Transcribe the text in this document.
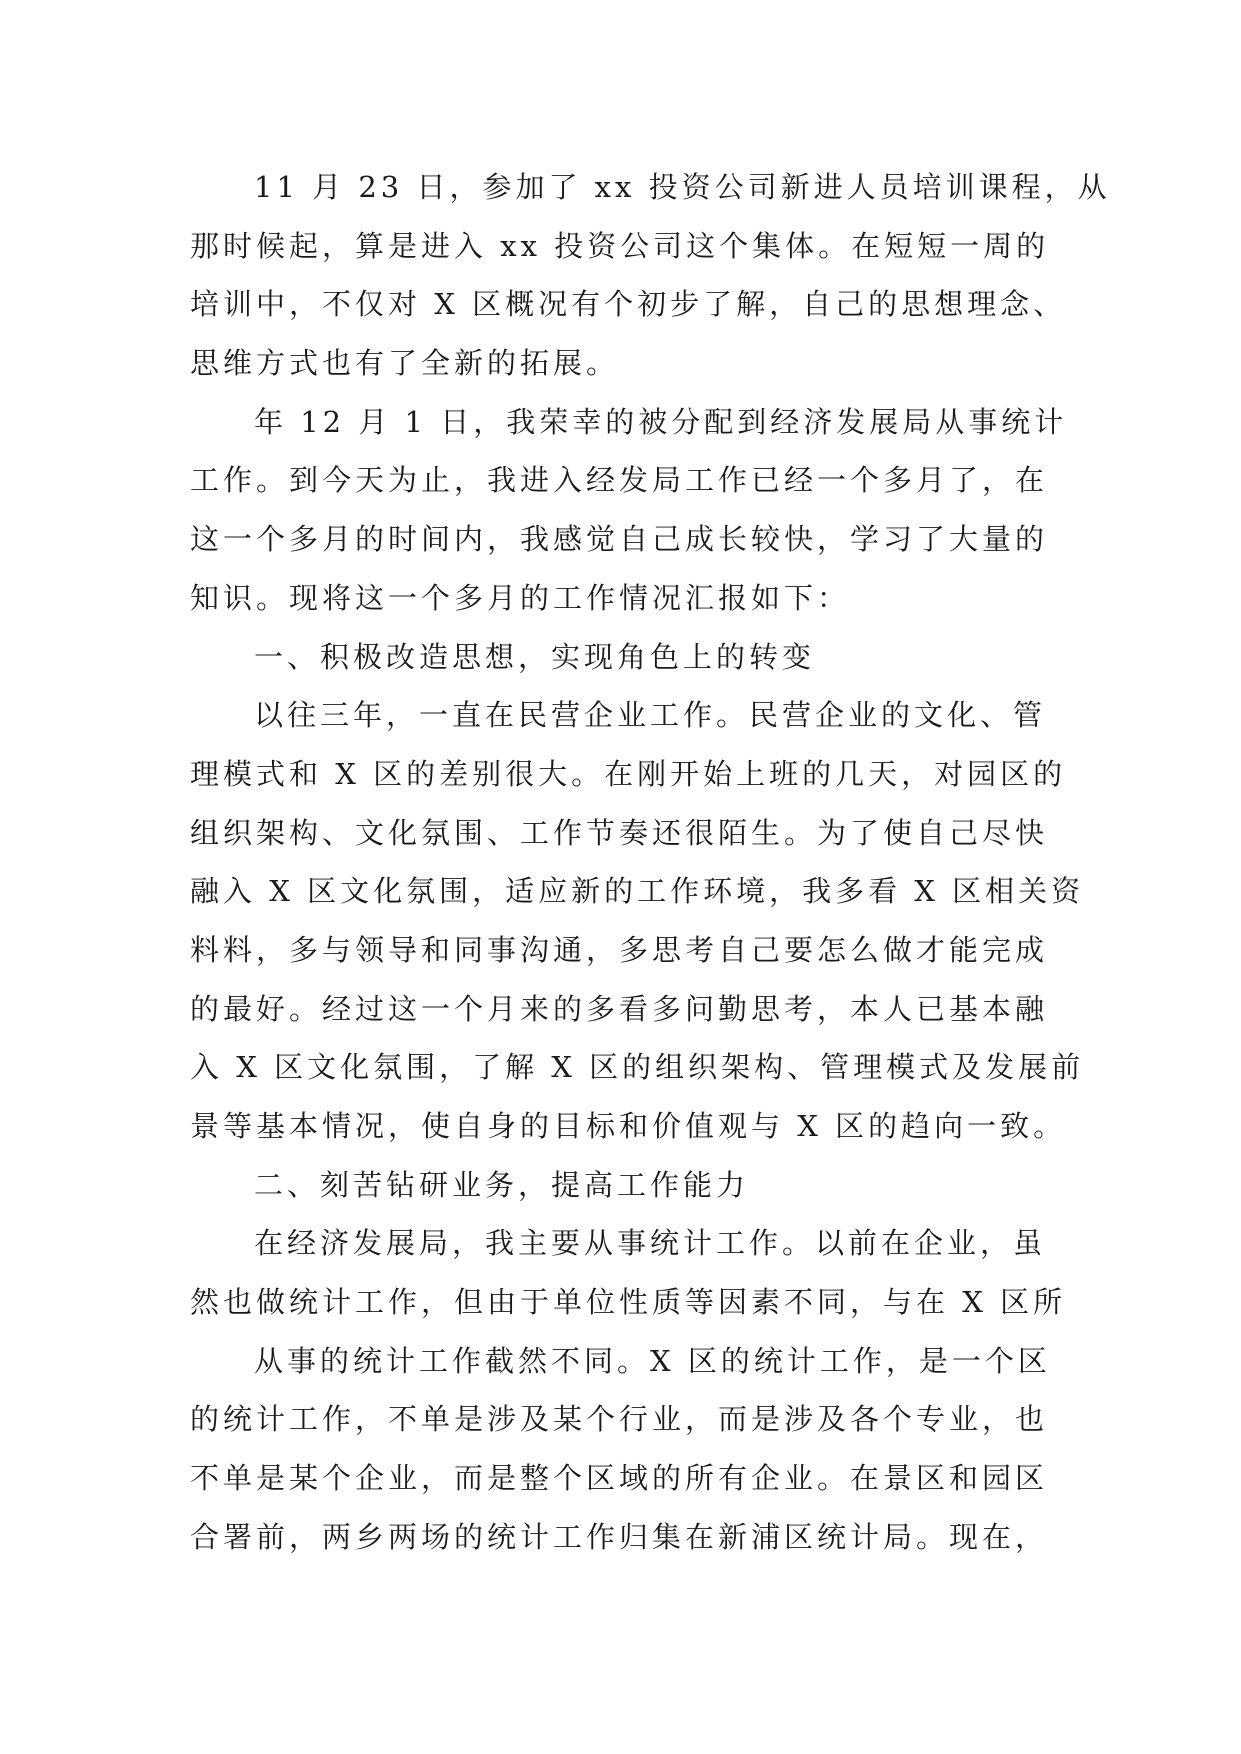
11 月 23 日，参加了 xx 投资公司新进人员培训课程，从
那时候起，算是进入 xx 投资公司这个集体。在短短一周的
培训中，不仅对 X 区概况有个初步了解，自己的思想理念、
思维方式也有了全新的拓展。
年 12 月 1 日，我荣幸的被分配到经济发展局从事统计
工作。到今天为止，我进入经发局工作已经一个多月了，在
这一个多月的时间内，我感觉自己成长较快，学习了大量的
知识。现将这一个多月的工作情况汇报如下：
一、积极改造思想，实现角色上的转变
以往三年，一直在民营企业工作。民营企业的文化、管
理模式和 X 区的差别很大。在刚开始上班的几天，对园区的
组织架构、文化氛围、工作节奏还很陌生。为了使自己尽快
融入 X 区文化氛围，适应新的工作环境，我多看 X 区相关资
料料，多与领导和同事沟通，多思考自己要怎么做才能完成
的最好。经过这一个月来的多看多问勤思考，本人已基本融
入 X 区文化氛围，了解 X 区的组织架构、管理模式及发展前
景等基本情况，使自身的目标和价值观与 X 区的趋向一致。
二、刻苦钻研业务，提高工作能力
在经济发展局，我主要从事统计工作。以前在企业，虽
然也做统计工作，但由于单位性质等因素不同，与在 X 区所
从事的统计工作截然不同。X 区的统计工作，是一个区
的统计工作，不单是涉及某个行业，而是涉及各个专业，也
不单是某个企业，而是整个区域的所有企业。在景区和园区
合署前，两乡两场的统计工作归集在新浦区统计局。现在，
